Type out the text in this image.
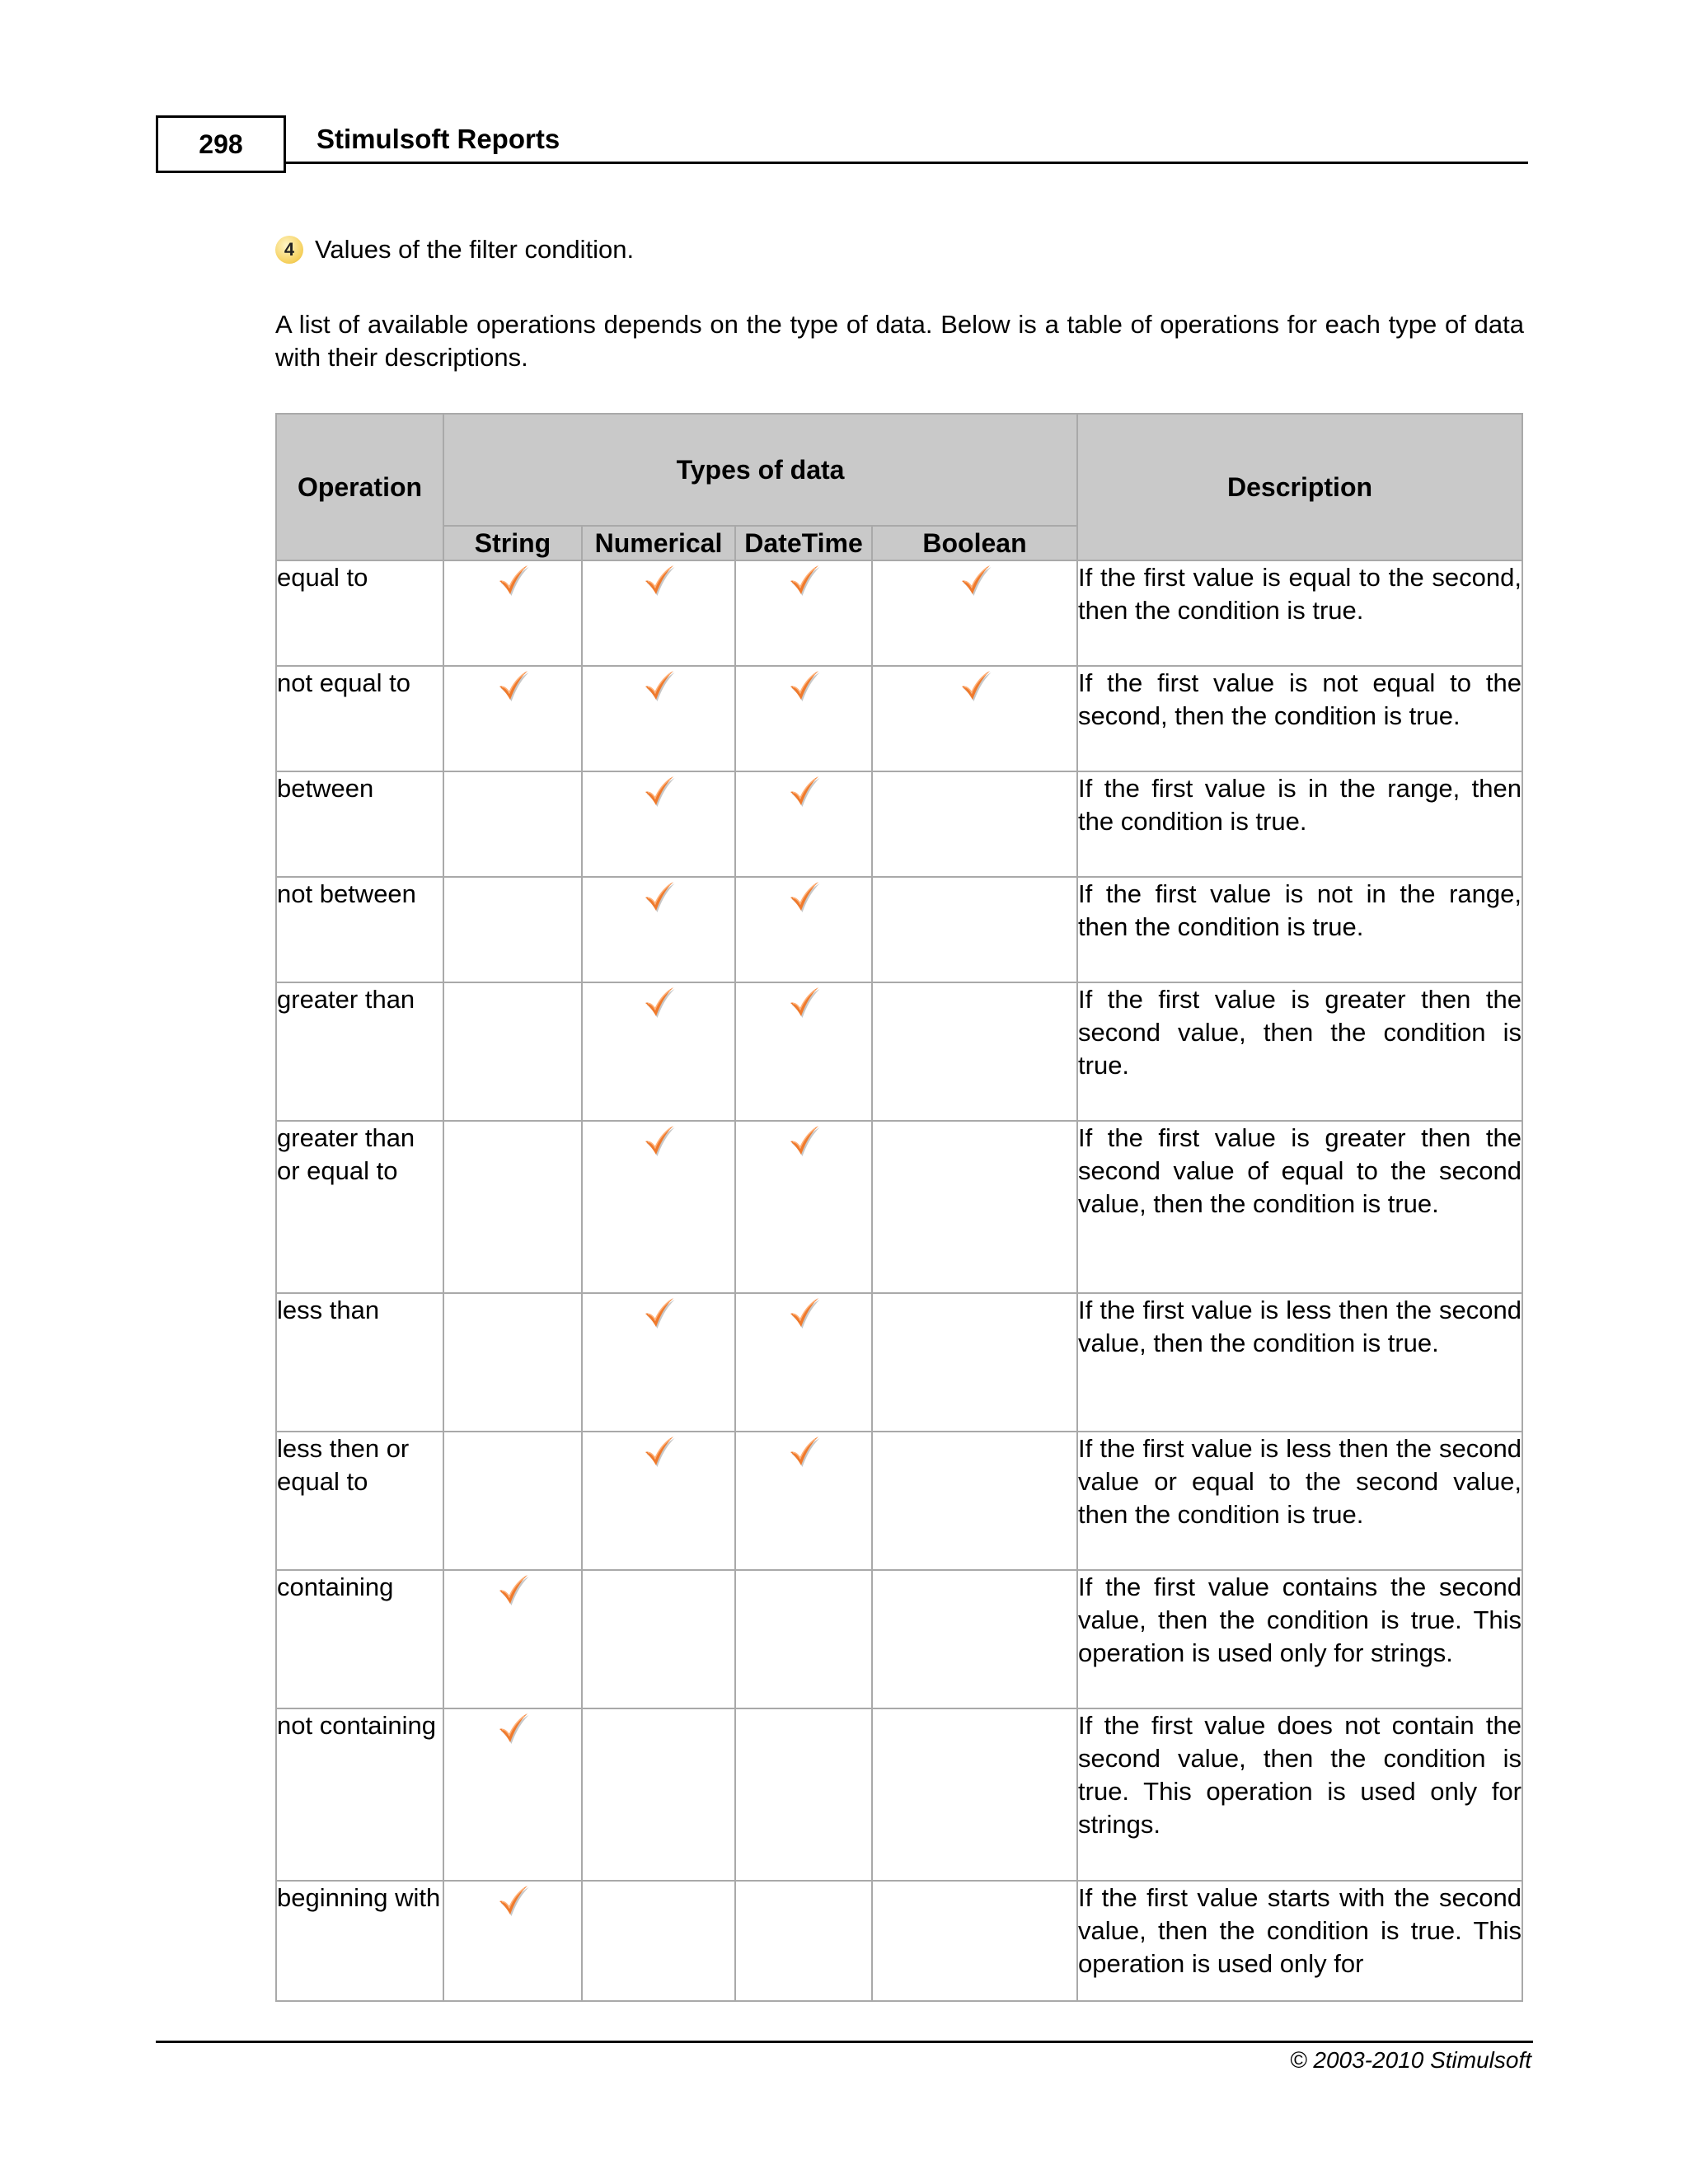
298	Stimulsoft Reports
4 Values of the filter condition.
A list of available operations depends on the type of data. Below is a table of operations for each type of data with their descriptions.
Operation	Types of data				Description
	String	Numerical	DateTime	Boolean	
equal to					If the first value is equal to the second, then the condition is true.
not equal to					If the first value is not equal to the second, then the condition is true.
between					If the first value is in the range, then the condition is true.
not between					If the first value is not in the range, then the condition is true.
greater than					If the first value is greater then the second value, then the condition is true.
greater than or equal to					If the first value is greater then the second value of equal to the second value, then the condition is true.
less than					If the first value is less then the second value, then the condition is true.
less then or equal to					If the first value is less then the second value or equal to the second value, then the condition is true.
containing					If the first value contains the second value, then the condition is true. This operation is used only for strings.
not containing					If the first value does not contain the second value, then the condition is true. This operation is used only for strings.
beginning with					If the first value starts with the second value, then the condition is true. This operation is used only for
© 2003-2010 Stimulsoft
